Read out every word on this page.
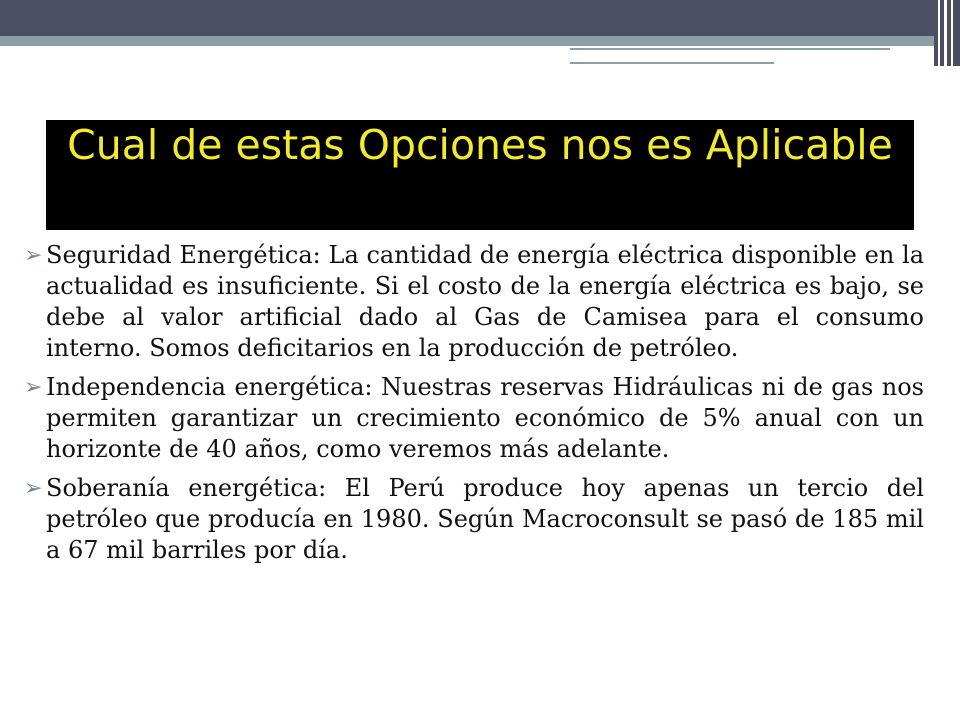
Cual de estas Opciones nos es Aplicable
➢ Seguridad Energética: La cantidad de energía eléctrica disponible en la actualidad es insuficiente. Si el costo de la energía eléctrica es bajo, se debe al valor artificial dado al Gas de Camisea para el consumo interno. Somos deficitarios en la producción de petróleo.
➢ Independencia energética: Nuestras reservas Hidráulicas ni de gas nos permiten garantizar un crecimiento económico de 5% anual con un horizonte de 40 años, como veremos más adelante.
➢ Soberanía energética: El Perú produce hoy apenas un tercio del petróleo que producía en 1980. Según Macroconsult se pasó de 185 mil a 67 mil barriles por día.
